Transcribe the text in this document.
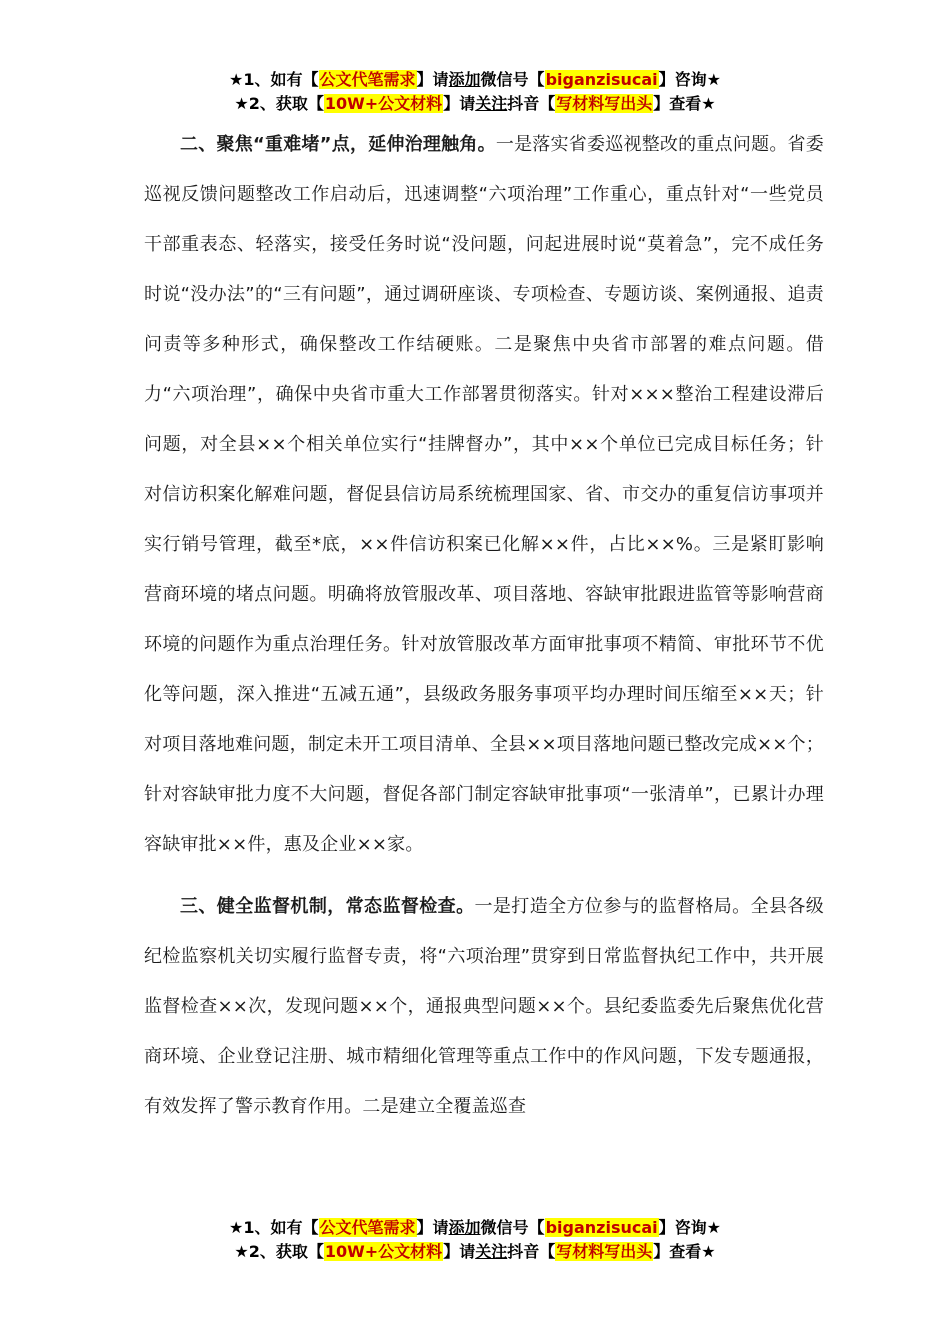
★1、如有【公文代笔需求】请添加微信号【biganzisucai】咨询★
★2、获取【10W+公文材料】请关注抖音【写材料写出头】查看★

二、聚焦“重难堵”点，延伸治理触角。一是落实省委巡视整改的重点问题。省委巡视反馈问题整改工作启动后，迅速调整“六项治理”工作重心，重点针对“一些党员干部重表态、轻落实，接受任务时说“没问题，问起进展时说“莫着急”，完不成任务时说“没办法”的“三有问题”，通过调研座谈、专项检查、专题访谈、案例通报、追责问责等多种形式，确保整改工作结硬账。二是聚焦中央省市部署的难点问题。借力“六项治理”，确保中央省市重大工作部署贯彻落实。针对×××整治工程建设滞后问题，对全县××个相关单位实行“挂牌督办”，其中××个单位已完成目标任务；针对信访积案化解难问题，督促县信访局系统梳理国家、省、市交办的重复信访事项并实行销号管理，截至*底，××件信访积案已化解××件，占比××%。三是紧盯影响营商环境的堵点问题。明确将放管服改革、项目落地、容缺审批跟进监管等影响营商环境的问题作为重点治理任务。针对放管服改革方面审批事项不精简、审批环节不优化等问题，深入推进“五减五通”，县级政务服务事项平均办理时间压缩至××天；针对项目落地难问题，制定未开工项目清单、全县××项目落地问题已整改完成××个；针对容缺审批力度不大问题，督促各部门制定容缺审批事项“一张清单”，已累计办理容缺审批××件，惠及企业××家。

三、健全监督机制，常态监督检查。一是打造全方位参与的监督格局。全县各级纪检监察机关切实履行监督专责，将“六项治理”贯穿到日常监督执纪工作中，共开展监督检查××次，发现问题××个，通报典型问题××个。县纪委监委先后聚焦优化营商环境、企业登记注册、城市精细化管理等重点工作中的作风问题，下发专题通报，有效发挥了警示教育作用。二是建立全覆盖巡查

★1、如有【公文代笔需求】请添加微信号【biganzisucai】咨询★
★2、获取【10W+公文材料】请关注抖音【写材料写出头】查看★
